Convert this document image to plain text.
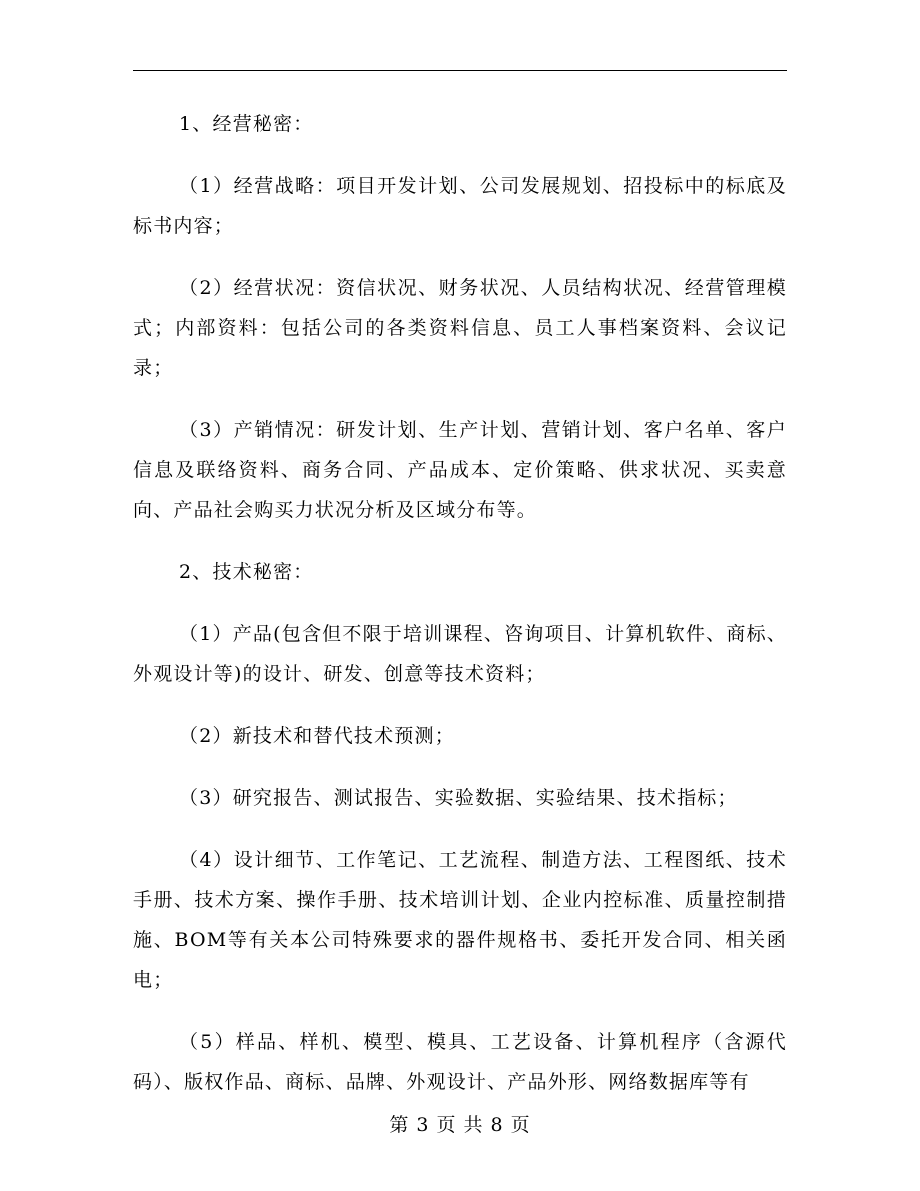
1、经营秘密：

（1）经营战略：项目开发计划、公司发展规划、招投标中的标底及标书内容；

（2）经营状况：资信状况、财务状况、人员结构状况、经营管理模式；内部资料：包括公司的各类资料信息、员工人事档案资料、会议记录；

（3）产销情况：研发计划、生产计划、营销计划、客户名单、客户信息及联络资料、商务合同、产品成本、定价策略、供求状况、买卖意向、产品社会购买力状况分析及区域分布等。

2、技术秘密：

（1）产品(包含但不限于培训课程、咨询项目、计算机软件、商标、外观设计等)的设计、研发、创意等技术资料；

（2）新技术和替代技术预测；

（3）研究报告、测试报告、实验数据、实验结果、技术指标；

（4）设计细节、工作笔记、工艺流程、制造方法、工程图纸、技术手册、技术方案、操作手册、技术培训计划、企业内控标准、质量控制措施、BOM等有关本公司特殊要求的器件规格书、委托开发合同、相关函电；

（5）样品、样机、模型、模具、工艺设备、计算机程序（含源代码）、版权作品、商标、品牌、外观设计、产品外形、网络数据库等有

第 3 页 共 8 页
